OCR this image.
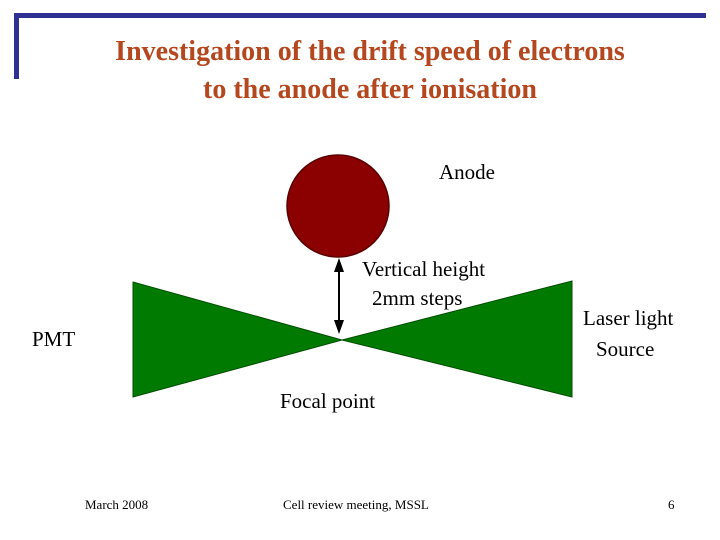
Investigation of the drift speed of electrons
to the anode after ionisation
Anode
Vertical height
2mm steps
PMT
Laser light
Source
Focal point
March 2008	Cell review meeting, MSSL	6
